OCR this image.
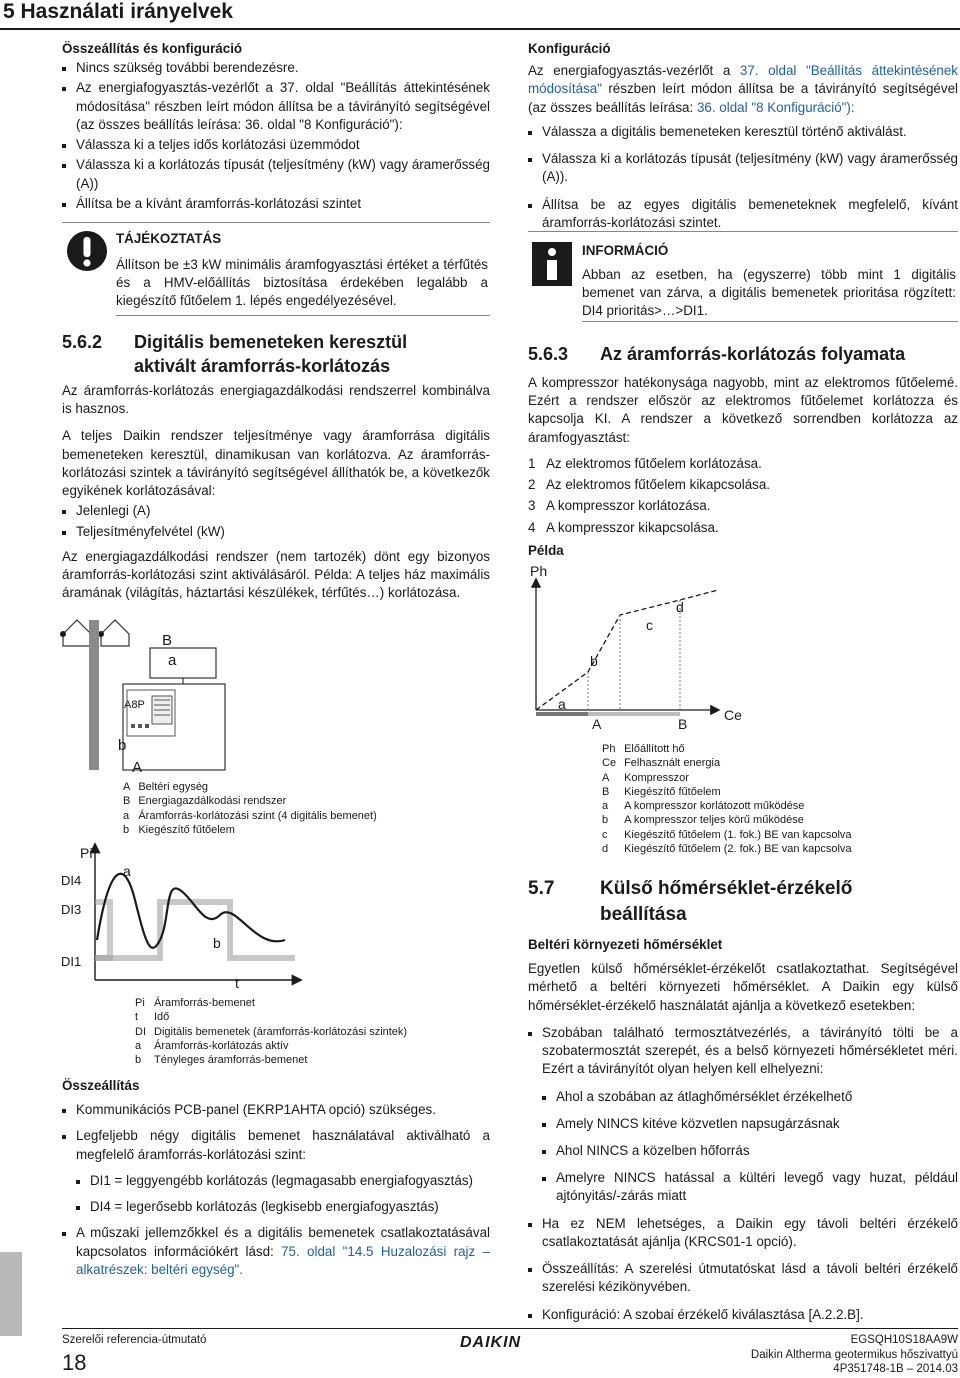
5 Használati irányelvek
Összeállítás és konfiguráció
Nincs szükség további berendezésre.
Az energiafogyasztás-vezérlőt a 37. oldal "Beállítás áttekintésének módosítása" részben leírt módon állítsa be a távirányító segítségével (az összes beállítás leírása: 36. oldal "8 Konfiguráció"):
Válassza ki a teljes idős korlátozási üzemmódot
Válassza ki a korlátozás típusát (teljesítmény (kW) vagy áramerősség (A))
Állítsa be a kívánt áramforrás-korlátozási szintet
TÁJÉKOZTATÁS
Állítson be ±3 kW minimális áramfogyasztási értéket a térfűtés és a HMV-előállítás biztosítása érdekében legalább a kiegészítő fűtőelem 1. lépés engedélyezésével.
5.6.2 Digitális bemeneteken keresztül aktivált áramforrás-korlátozás

Az áramforrás-korlátozás energiagazdálkodási rendszerrel kombinálva is hasznos.

A teljes Daikin rendszer teljesítménye vagy áramforrása digitális bemeneteken keresztül, dinamikusan van korlátozva. Az áramforrás-korlátozási szintek a távirányító segítségével állíthatók be, a következők egyikének korlátozásával:

Jelenlegi (A)
Teljesítményfelvétel (kW)

Az energiagazdálkodási rendszer (nem tartozék) dönt egy bizonyos áramforrás-korlátozási szint aktiválásáról. Példa: A teljes ház maximális áramának (világítás, háztartási készülékek, térfűtés…) korlátozása.

B
a
A8P
b
A
A	Beltéri egység
B	Energiagazdálkodási rendszer
a	Áramforrás-korlátozási szint (4 digitális bemenet)
b	Kiegészítő fűtőelem
Pi
DI4
DI3
DI1
a
b
t
Pi	Áramforrás-bemenet
t	Idő
DI	Digitális bemenetek (áramforrás-korlátozási szintek)
a	Áramforrás-korlátozás aktív
b	Tényleges áramforrás-bemenet
Összeállítás
Kommunikációs PCB-panel (EKRP1AHTA opció) szükséges.
Legfeljebb négy digitális bemenet használatával aktiválható a megfelelő áramforrás-korlátozási szint:
DI1 = leggyengébb korlátozás (legmagasabb energiafogyasztás)
DI4 = legerősebb korlátozás (legkisebb energiafogyasztás)
A műszaki jellemzőkkel és a digitális bemenetek csatlakoztatásával kapcsolatos információkért lásd: 75. oldal "14.5 Huzalozási rajz – alkatrészek: beltéri egység".
Konfiguráció

Az energiafogyasztás-vezérlőt a 37. oldal "Beállítás áttekintésének módosítása" részben leírt módon állítsa be a távirányító segítségével (az összes beállítás leírása: 36. oldal "8 Konfiguráció"):

Válassza a digitális bemeneteken keresztül történő aktiválást.
Válassza ki a korlátozás típusát (teljesítmény (kW) vagy áramerősség (A)).
Állítsa be az egyes digitális bemeneteknek megfelelő, kívánt áramforrás-korlátozási szintet.
INFORMÁCIÓ
Abban az esetben, ha (egyszerre) több mint 1 digitális bemenet van zárva, a digitális bemenetek prioritása rögzített: DI4 prioritás>…>DI1.
5.6.3 Az áramforrás-korlátozás folyamata

A kompresszor hatékonysága nagyobb, mint az elektromos fűtőelemé. Ezért a rendszer először az elektromos fűtőelemet korlátozza és kapcsolja KI. A rendszer a következő sorrendben korlátozza az áramfogyasztást:

1 Az elektromos fűtőelem korlátozása.
2 Az elektromos fűtőelem kikapcsolása.
3 A kompresszor korlátozása.
4 A kompresszor kikapcsolása.
Példa
Ph
a
b
c
d
A	B
Ce
Ph	Előállított hő
Ce	Felhasznált energia
A	Kompresszor
B	Kiegészítő fűtőelem
a	A kompresszor korlátozott működése
b	A kompresszor teljes körű működése
c	Kiegészítő fűtőelem (1. fok.) BE van kapcsolva
d	Kiegészítő fűtőelem (2. fok.) BE van kapcsolva
5.7 Külső hőmérséklet-érzékelő beállítása
Beltéri környezeti hőmérséklet

Egyetlen külső hőmérséklet-érzékelőt csatlakoztathat. Segítségével mérhető a beltéri környezeti hőmérséklet. A Daikin egy külső hőmérséklet-érzékelő használatát ajánlja a következő esetekben:

Szobában található termosztátvezérlés, a távirányító tölti be a szobatermosztát szerepét, és a belső környezeti hőmérsékletet méri. Ezért a távirányítót olyan helyen kell elhelyezni:
Ahol a szobában az átlaghőmérséklet érzékelhető
Amely NINCS kitéve közvetlen napsugárzásnak
Ahol NINCS a közelben hőforrás
Amelyre NINCS hatással a kültéri levegő vagy huzat, például ajtónyitás/-zárás miatt
Ha ez NEM lehetséges, a Daikin egy távoli beltéri érzékelő csatlakoztatását ajánlja (KRCS01-1 opció).
Összeállítás: A szerelési útmutatóskat lásd a távoli beltéri érzékelő szerelési kézikönyvében.
Konfiguráció: A szobai érzékelő kiválasztása [A.2.2.B].
Szerelői referencia-útmutató
18
DAIKIN	EGSQH10S18AA9W
Daikin Altherma geotermikus hőszivattyú
4P351748-1B – 2014.03
